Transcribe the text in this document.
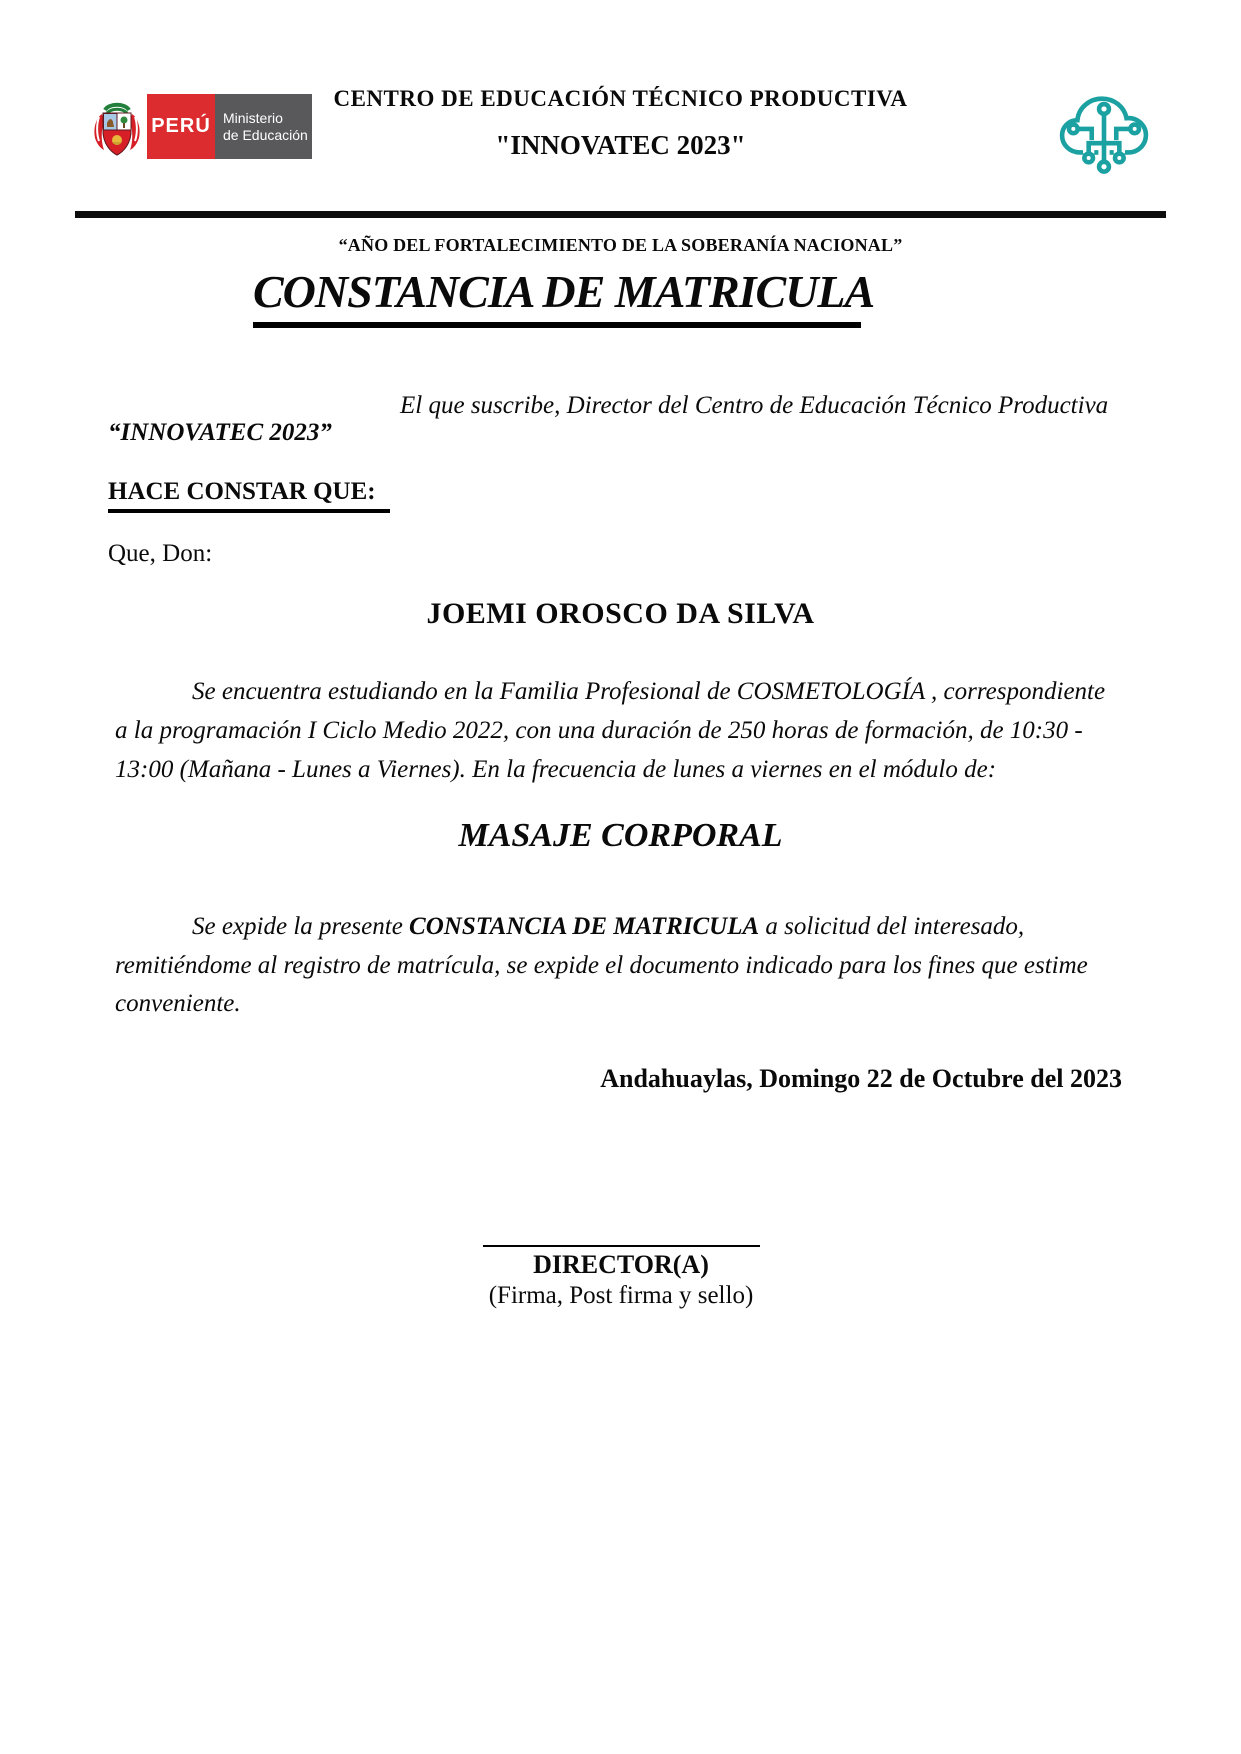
PERÚ Ministerio
de Educación
CENTRO DE EDUCACIÓN TÉCNICO PRODUCTIVA
"INNOVATEC 2023"
“AÑO DEL FORTALECIMIENTO DE LA SOBERANÍA NACIONAL”
CONSTANCIA DE MATRICULA
El que suscribe, Director del Centro de Educación Técnico Productiva
“INNOVATEC 2023”
HACE CONSTAR QUE:
Que, Don:
JOEMI OROSCO DA SILVA
Se encuentra estudiando en la Familia Profesional de COSMETOLOGÍA , correspondiente
a la programación I Ciclo Medio 2022, con una duración de 250 horas de formación, de 10:30 -
13:00 (Mañana - Lunes a Viernes). En la frecuencia de lunes a viernes en el módulo de:
MASAJE CORPORAL
Se expide la presente CONSTANCIA DE MATRICULA a solicitud del interesado,
remitiéndome al registro de matrícula, se expide el documento indicado para los fines que estime
conveniente.
Andahuaylas, Domingo 22 de Octubre del 2023
DIRECTOR(A)
(Firma, Post firma y sello)
